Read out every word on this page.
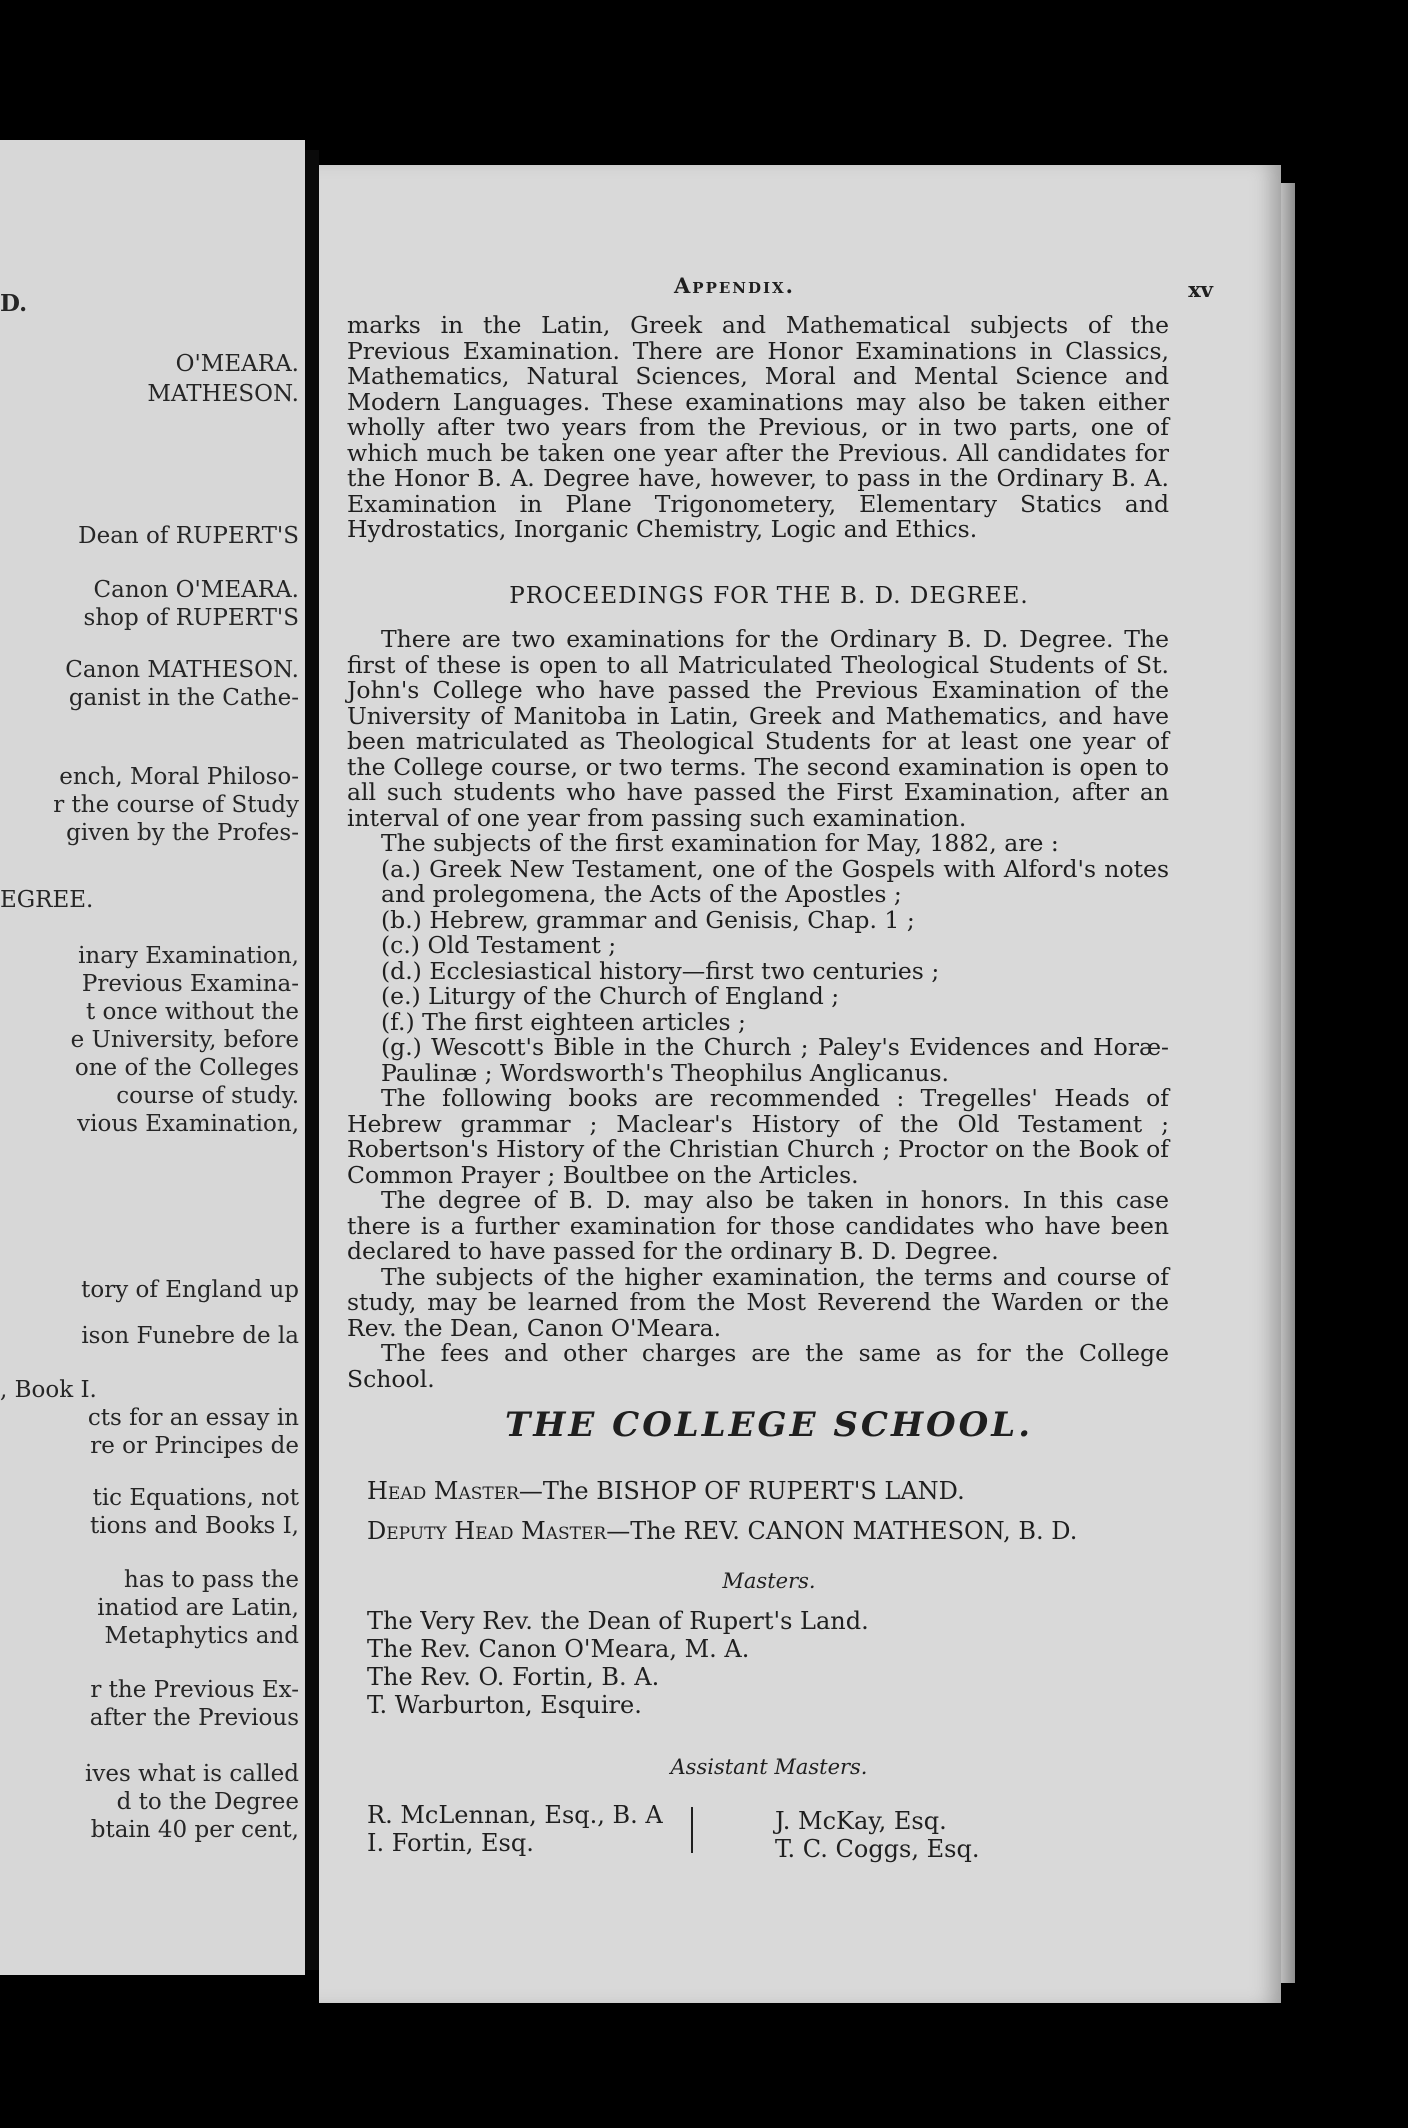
D.
O'MEARA.
MATHESON.
Dean of RUPERT'S
Canon O'MEARA.
shop of RUPERT'S
Canon MATHESON.
ganist in the Cathe-
ench, Moral Philoso-
r the course of Study
given by the Profes-
EGREE.
inary Examination,
Previous Examina-
t once without the
e University, before
one of the Colleges
course of study.
vious Examination,
tory of England up
ison Funebre de la
, Book I.
cts for an essay in
re or Principes de
tic Equations, not
tions and Books I,
has to pass the
inatiod are Latin,
Metaphytics and
r the Previous Ex-
after the Previous
ives what is called
d to the Degree
btain 40 per cent,
Appendix.	xv

marks in the Latin, Greek and Mathematical subjects of the Previous Examination. There are Honor Examinations in Classics, Mathematics, Natural Sciences, Moral and Mental Science and Modern Languages. These examinations may also be taken either wholly after two years from the Previous, or in two parts, one of which much be taken one year after the Previous. All candidates for the Honor B. A. Degree have, however, to pass in the Ordinary B. A. Examination in Plane Trigonometery, Elementary Statics and Hydrostatics, Inorganic Chemistry, Logic and Ethics.

PROCEEDINGS FOR THE B. D. DEGREE.

There are two examinations for the Ordinary B. D. Degree. The first of these is open to all Matriculated Theological Students of St. John's College who have passed the Previous Examination of the University of Manitoba in Latin, Greek and Mathematics, and have been matriculated as Theological Students for at least one year of the College course, or two terms. The second examination is open to all such students who have passed the First Examination, after an interval of one year from passing such examination.

The subjects of the first examination for May, 1882, are :

(a.) Greek New Testament, one of the Gospels with Alford's notes and prolegomena, the Acts of the Apostles ;

(b.) Hebrew, grammar and Genisis, Chap. 1 ;

(c.) Old Testament ;

(d.) Ecclesiastical history—first two centuries ;

(e.) Liturgy of the Church of England ;

(f.) The first eighteen articles ;

(g.) Wescott's Bible in the Church ; Paley's Evidences and Horæ-Paulinæ ; Wordsworth's Theophilus Anglicanus.

The following books are recommended : Tregelles' Heads of Hebrew grammar ; Maclear's History of the Old Testament ; Robertson's History of the Christian Church ; Proctor on the Book of Common Prayer ; Boultbee on the Articles.

The degree of B. D. may also be taken in honors. In this case there is a further examination for those candidates who have been declared to have passed for the ordinary B. D. Degree.

The subjects of the higher examination, the terms and course of study, may be learned from the Most Reverend the Warden or the Rev. the Dean, Canon O'Meara.

The fees and other charges are the same as for the College School.

THE COLLEGE SCHOOL.
Head Master—The BISHOP OF RUPERT'S LAND.
Deputy Head Master—The REV. CANON MATHESON, B. D.
Masters.
The Very Rev. the Dean of Rupert's Land.
The Rev. Canon O'Meara, M. A.
The Rev. O. Fortin, B. A.
T. Warburton, Esquire.
Assistant Masters.
R. McLennan, Esq., B. A
I. Fortin, Esq.
J. McKay, Esq.
T. C. Coggs, Esq.
